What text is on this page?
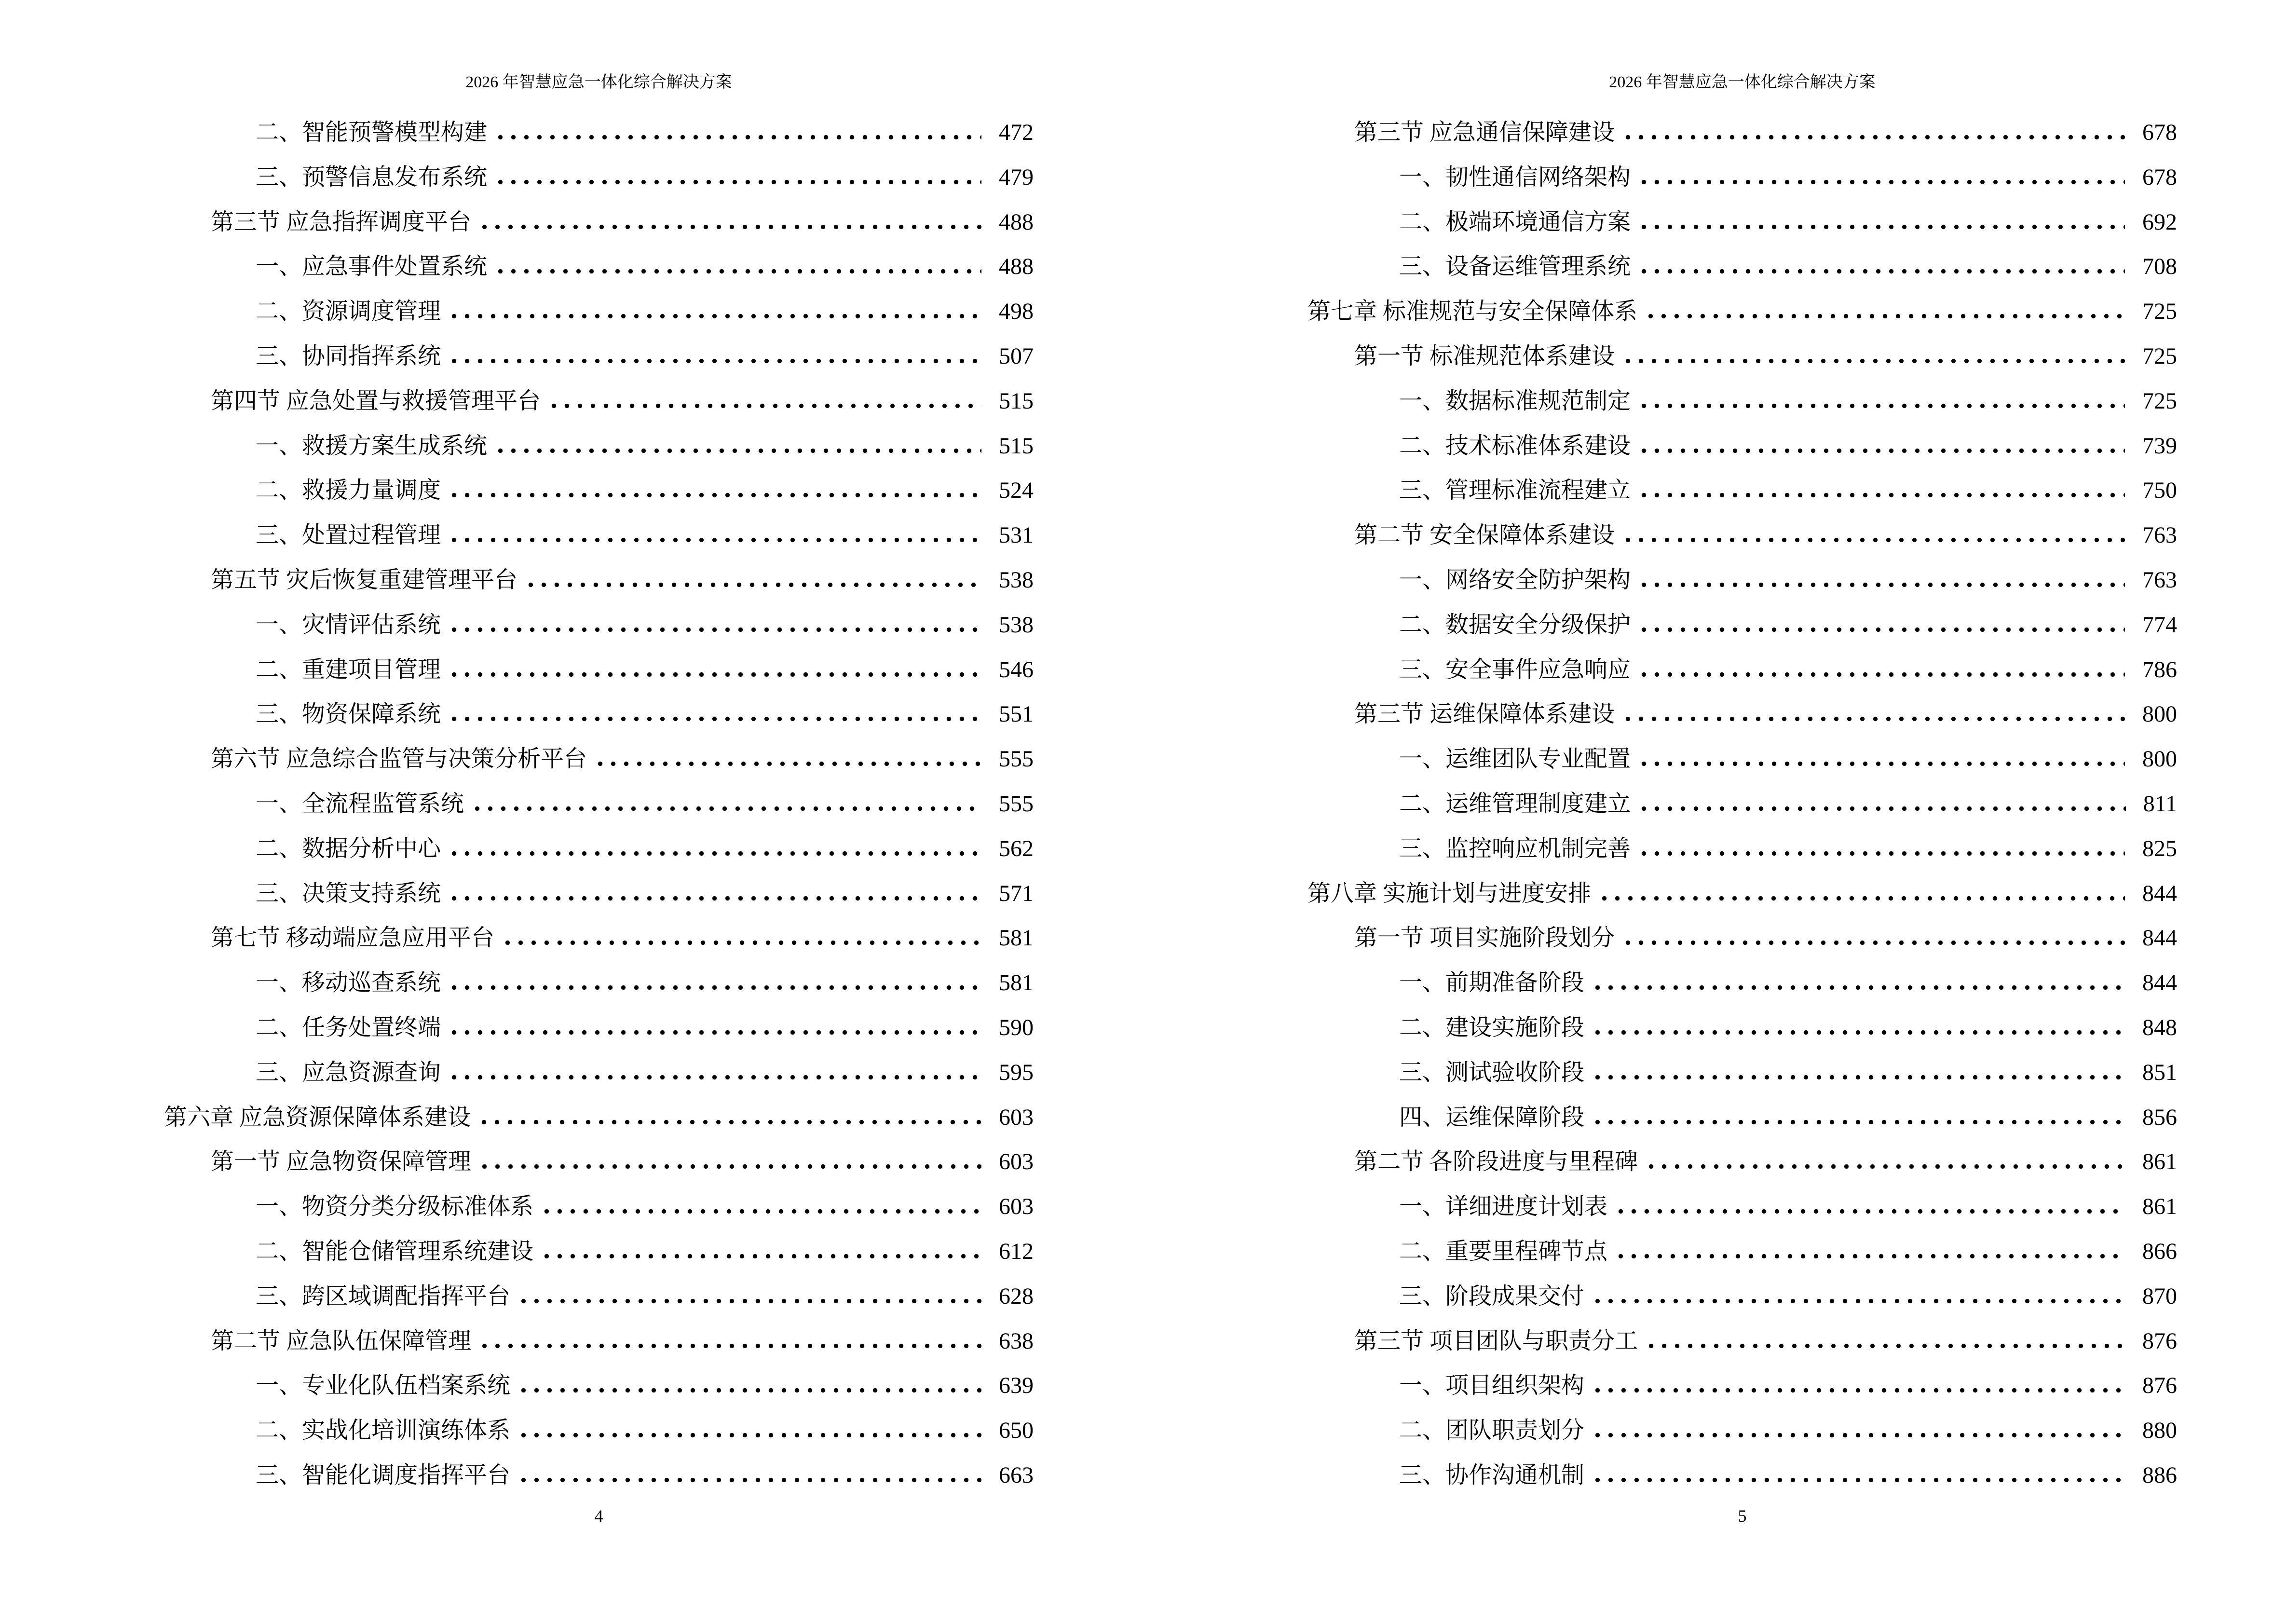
2026 年智慧应急一体化综合解决方案
二、智能预警模型构建	472
三、预警信息发布系统	479
第三节 应急指挥调度平台	488
一、应急事件处置系统	488
二、资源调度管理	498
三、协同指挥系统	507
第四节 应急处置与救援管理平台	515
一、救援方案生成系统	515
二、救援力量调度	524
三、处置过程管理	531
第五节 灾后恢复重建管理平台	538
一、灾情评估系统	538
二、重建项目管理	546
三、物资保障系统	551
第六节 应急综合监管与决策分析平台	555
一、全流程监管系统	555
二、数据分析中心	562
三、决策支持系统	571
第七节 移动端应急应用平台	581
一、移动巡查系统	581
二、任务处置终端	590
三、应急资源查询	595
第六章 应急资源保障体系建设	603
第一节 应急物资保障管理	603
一、物资分类分级标准体系	603
二、智能仓储管理系统建设	612
三、跨区域调配指挥平台	628
第二节 应急队伍保障管理	638
一、专业化队伍档案系统	639
二、实战化培训演练体系	650
三、智能化调度指挥平台	663
4
2026 年智慧应急一体化综合解决方案
第三节 应急通信保障建设	678
一、韧性通信网络架构	678
二、极端环境通信方案	692
三、设备运维管理系统	708
第七章 标准规范与安全保障体系	725
第一节 标准规范体系建设	725
一、数据标准规范制定	725
二、技术标准体系建设	739
三、管理标准流程建立	750
第二节 安全保障体系建设	763
一、网络安全防护架构	763
二、数据安全分级保护	774
三、安全事件应急响应	786
第三节 运维保障体系建设	800
一、运维团队专业配置	800
二、运维管理制度建立	811
三、监控响应机制完善	825
第八章 实施计划与进度安排	844
第一节 项目实施阶段划分	844
一、前期准备阶段	844
二、建设实施阶段	848
三、测试验收阶段	851
四、运维保障阶段	856
第二节 各阶段进度与里程碑	861
一、详细进度计划表	861
二、重要里程碑节点	866
三、阶段成果交付	870
第三节 项目团队与职责分工	876
一、项目组织架构	876
二、团队职责划分	880
三、协作沟通机制	886
5
